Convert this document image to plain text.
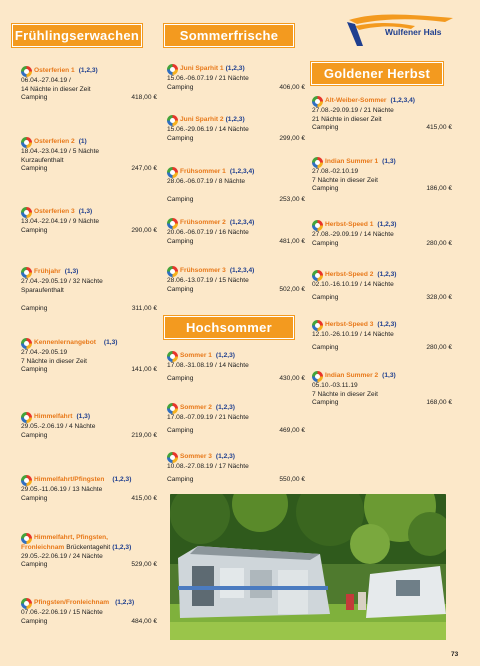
Frühlingserwachen	Sommerfrische
Goldener Herbst
Hochsommer
Wulfener Hals
Osterferien 1 (1,2,3)
06.04.-27.04.19 /
14 Nächte in dieser Zeit
Camping	418,00 €
Osterferien 2 (1)
18.04.-23.04.19 / 5 Nächte
Kurzaufenthalt
Camping	247,00 €
Osterferien 3 (1,3)
13.04.-22.04.19 / 9 Nächte
Camping	290,00 €
Frühjahr (1,3)
27.04.-29.05.19 / 32 Nächte
Sparaufenthalt
Camping	311,00 €
Kennenlernangebot (1,3)
27.04.-29.05.19
7 Nächte in dieser Zeit
Camping	141,00 €
Himmelfahrt (1,3)
29.05.-2.06.19 / 4 Nächte
Camping	219,00 €
Himmelfahrt/Pfingsten (1,2,3)
29.05.-11.06.19 / 13 Nächte
Camping	415,00 €
Himmelfahrt, Pfingsten,
Fronleichnam Brückentagehit (1,2,3)
29.05.-22.06.19 / 24 Nächte
Camping	529,00 €
Pfingsten/Fronleichnam (1,2,3)
07.06.-22.06.19 / 15 Nächte
Camping	484,00 €
Juni Sparhit 1 (1,2,3)
15.06.-06.07.19 / 21 Nächte
Camping	406,00 €
Juni Sparhit 2 (1,2,3)
15.06.-29.06.19 / 14 Nächte
Camping	299,00 €
Frühsommer 1 (1,2,3,4)
28.06.-06.07.19 / 8 Nächte
Camping	253,00 €
Frühsommer 2 (1,2,3,4)
20.06.-06.07.19 / 16 Nächte
Camping	481,00 €
Frühsommer 3 (1,2,3,4)
28.06.-13.07.19 / 15 Nächte
Camping	502,00 €
Sommer 1 (1,2,3)
17.08.-31.08.19 / 14 Nächte
Camping	430,00 €
Sommer 2 (1,2,3)
17.08.-07.09.19 / 21 Nächte
Camping	469,00 €
Sommer 3 (1,2,3)
10.08.-27.08.19 / 17 Nächte
Camping	550,00 €
Alt-Weiber-Sommer (1,2,3,4)
27.08.-29.09.19 / 21 Nächte
21 Nächte in dieser Zeit
Camping	415,00 €
Indian Summer 1 (1,3)
27.08.-02.10.19
7 Nächte in dieser Zeit
Camping	186,00 €
Herbst-Speed 1 (1,2,3)
27.08.-29.09.19 / 14 Nächte
Camping	280,00 €
Herbst-Speed 2 (1,2,3)
02.10.-16.10.19 / 14 Nächte
Camping	328,00 €
Herbst-Speed 3 (1,2,3)
12.10.-26.10.19 / 14 Nächte
Camping	280,00 €
Indian Summer 2 (1,3)
05.10.-03.11.19
7 Nächte in dieser Zeit
Camping	168,00 €
73
